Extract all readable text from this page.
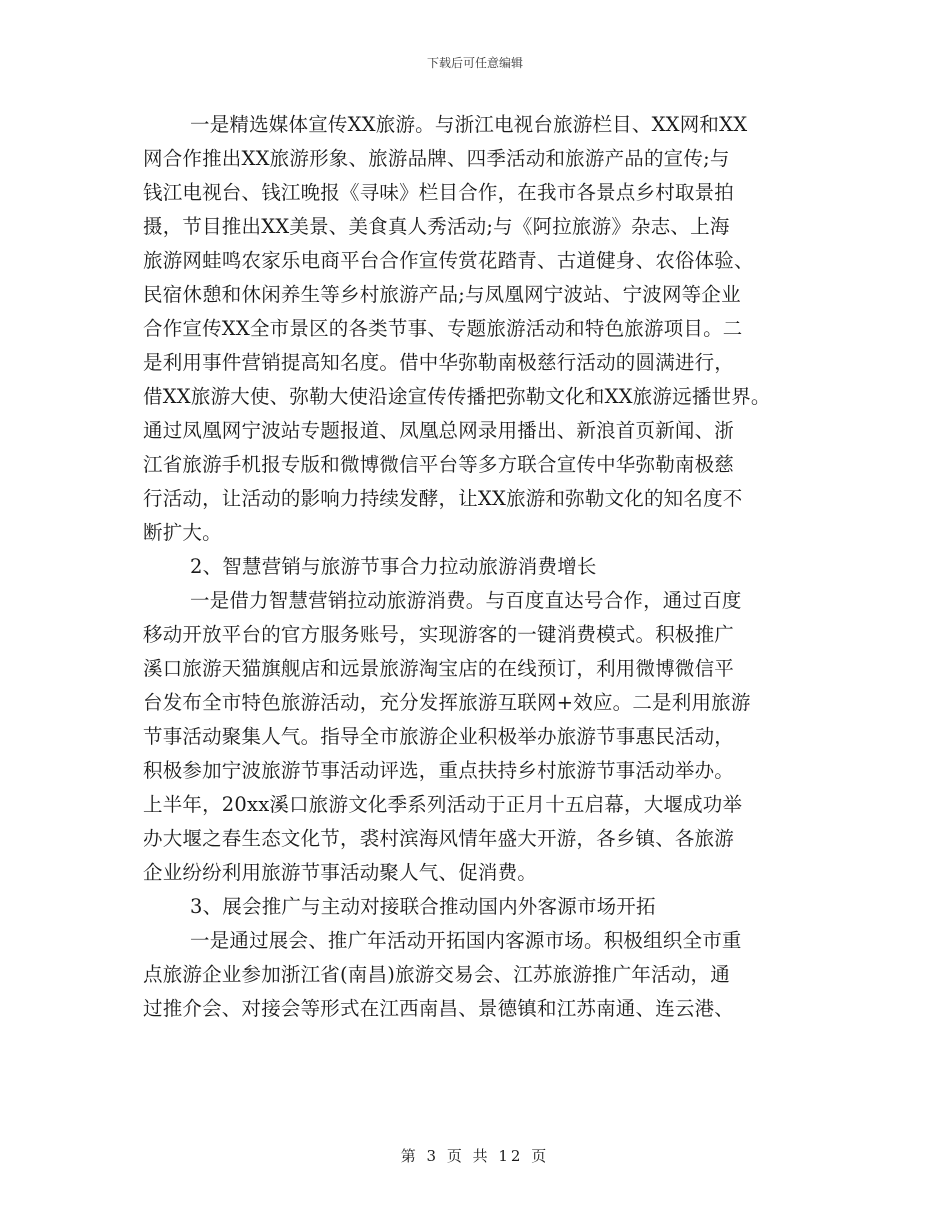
下载后可任意编辑
一是精选媒体宣传XX旅游。与浙江电视台旅游栏目、XX网和XX
网合作推出XX旅游形象、旅游品牌、四季活动和旅游产品的宣传;与
钱江电视台、钱江晚报《寻味》栏目合作，在我市各景点乡村取景拍
摄，节目推出XX美景、美食真人秀活动;与《阿拉旅游》杂志、上海
旅游网蛙鸣农家乐电商平台合作宣传赏花踏青、古道健身、农俗体验、
民宿休憩和休闲养生等乡村旅游产品;与凤凰网宁波站、宁波网等企业
合作宣传XX全市景区的各类节事、专题旅游活动和特色旅游项目。二
是利用事件营销提高知名度。借中华弥勒南极慈行活动的圆满进行，
借XX旅游大使、弥勒大使沿途宣传传播把弥勒文化和XX旅游远播世界。
通过凤凰网宁波站专题报道、凤凰总网录用播出、新浪首页新闻、浙
江省旅游手机报专版和微博微信平台等多方联合宣传中华弥勒南极慈
行活动，让活动的影响力持续发酵，让XX旅游和弥勒文化的知名度不
断扩大。
2、智慧营销与旅游节事合力拉动旅游消费增长
一是借力智慧营销拉动旅游消费。与百度直达号合作，通过百度
移动开放平台的官方服务账号，实现游客的一键消费模式。积极推广
溪口旅游天猫旗舰店和远景旅游淘宝店的在线预订，利用微博微信平
台发布全市特色旅游活动，充分发挥旅游互联网+效应。二是利用旅游
节事活动聚集人气。指导全市旅游企业积极举办旅游节事惠民活动，
积极参加宁波旅游节事活动评选，重点扶持乡村旅游节事活动举办。
上半年，20xx溪口旅游文化季系列活动于正月十五启幕，大堰成功举
办大堰之春生态文化节，裘村滨海风情年盛大开游，各乡镇、各旅游
企业纷纷利用旅游节事活动聚人气、促消费。
3、展会推广与主动对接联合推动国内外客源市场开拓
一是通过展会、推广年活动开拓国内客源市场。积极组织全市重
点旅游企业参加浙江省(南昌)旅游交易会、江苏旅游推广年活动，通
过推介会、对接会等形式在江西南昌、景德镇和江苏南通、连云港、
第 3 页 共 12 页
